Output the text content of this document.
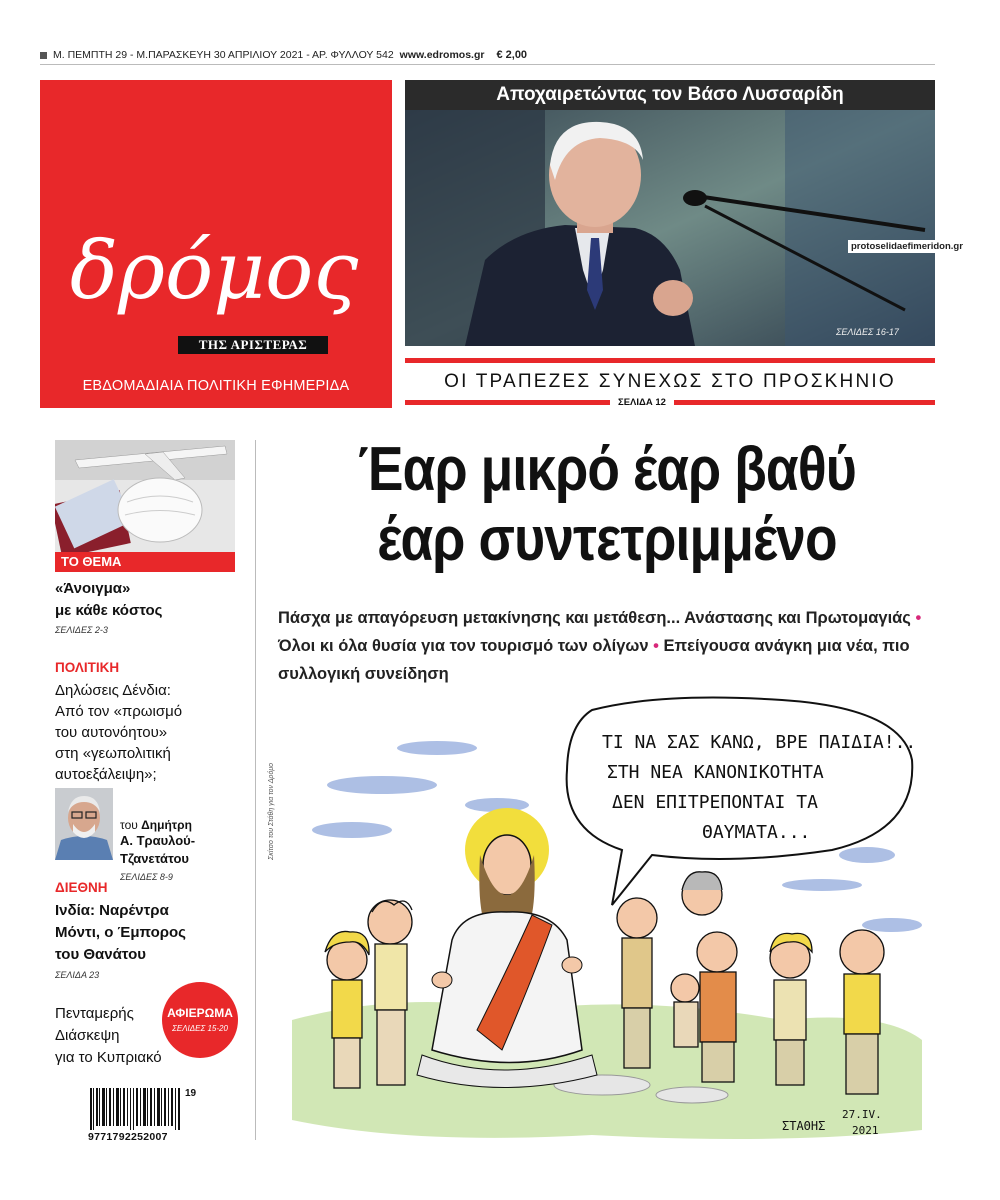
Μ. ΠΕΜΠΤΗ 29 - Μ.ΠΑΡΑΣΚΕΥΗ 30 ΑΠΡΙΛΙΟΥ 2021 - ΑΡ. ΦΥΛΛΟΥ 542 www.edromos.gr € 2,00
δρόμος
ΤΗΣ ΑΡΙΣΤΕΡΑΣ
ΕΒΔΟΜΑΔΙΑΙΑ ΠΟΛΙΤΙΚΗ ΕΦΗΜΕΡΙΔΑ
Αποχαιρετώντας τον Βάσο Λυσσαρίδη
ΣΕΛΙΔΕΣ 16-17
protoselidaefimeridon.gr
ΟΙ ΤΡΑΠΕΖΕΣ ΣΥΝΕΧΩΣ ΣΤΟ ΠΡΟΣΚΗΝΙΟ
ΣΕΛΙΔΑ 12
ΤΟ ΘΕΜΑ
«Άνοιγμα»
με κάθε κόστος
ΣΕΛΙΔΕΣ 2-3
ΠΟΛΙΤΙΚΗ
Δηλώσεις Δένδια:
Από τον «πρωισμό
του αυτονόητου»
στη «γεωπολιτική
αυτοεξάλειψη»;
του Δημήτρη
Α. Τραυλού-
Τζανετάτου
ΣΕΛΙΔΕΣ 8-9
ΔΙΕΘΝΗ
Ινδία: Ναρέντρα
Μόντι, ο Έμπορος
του Θανάτου
ΣΕΛΙΔΑ 23
Πενταμερής
Διάσκεψη
για το Κυπριακό
ΑΦΙΕΡΩΜΑ
ΣΕΛΙΔΕΣ 15-20
9771792252007
19
Έαρ μικρό έαρ βαθύ
έαρ συντετριμμένο
Πάσχα με απαγόρευση μετακίνησης και μετάθεση... Ανάστασης και Πρωτομαγιάς • Όλοι κι όλα θυσία για τον τουρισμό των ολίγων • Επείγουσα ανάγκη μια νέα, πιο συλλογική συνείδηση
Σκίτσο του Στάθη για τον Δρόμο
ΤΙ ΝΑ ΣΑΣ ΚΑΝΩ, ΒΡΕ ΠΑΙΔΙΑ!..
ΣΤΗ ΝΕΑ ΚΑΝΟΝΙΚΟΤΗΤΑ
ΔΕΝ ΕΠΙΤΡΕΠΟΝΤΑΙ ΤΑ
ΘΑΥΜΑΤΑ...
ΣΤΑΘΗΣ
27.IV.
2021
